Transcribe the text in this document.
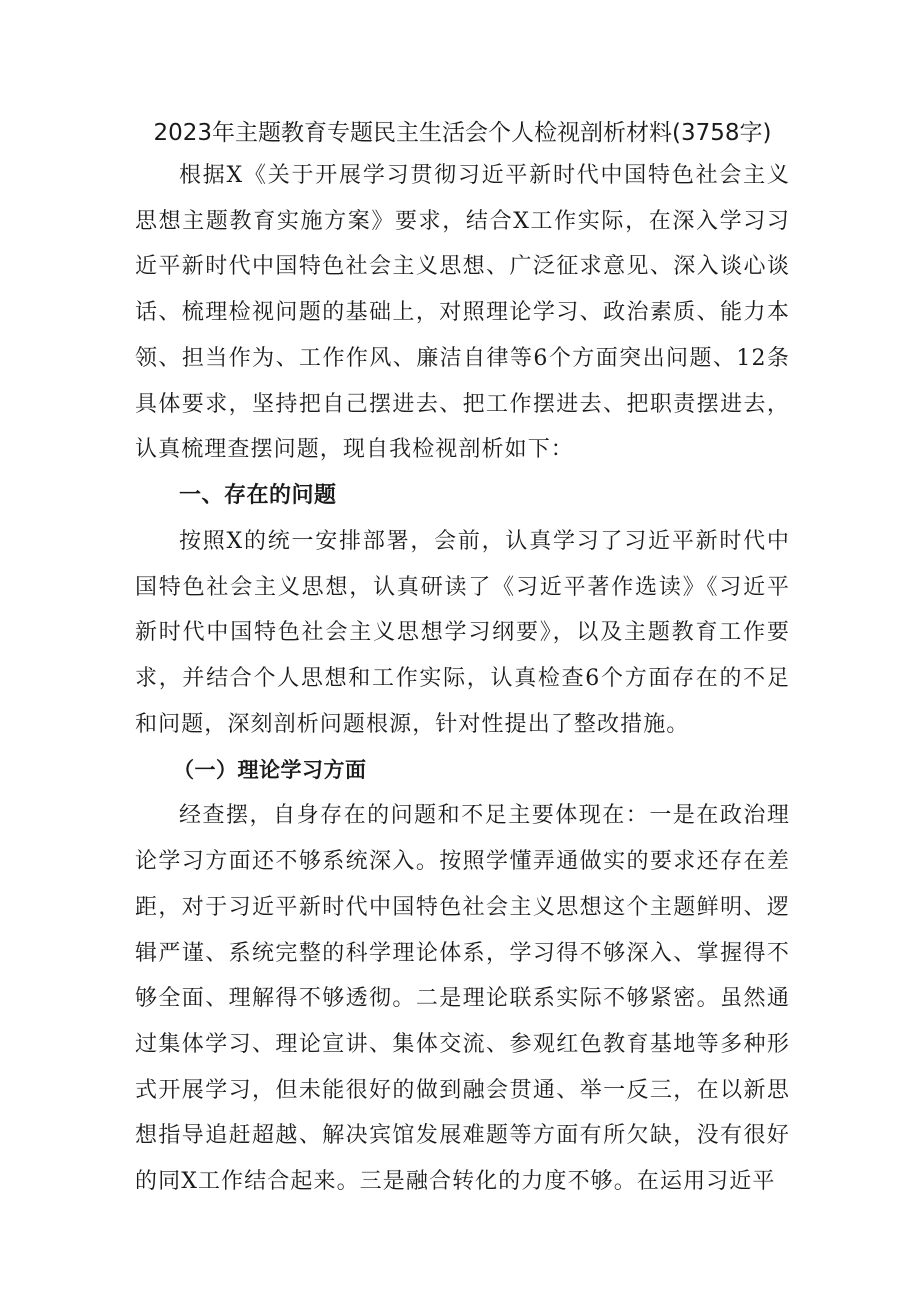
2023年主题教育专题民主生活会个人检视剖析材料(3758字)

根据X《关于开展学习贯彻习近平新时代中国特色社会主义思想主题教育实施方案》要求，结合X工作实际，在深入学习习近平新时代中国特色社会主义思想、广泛征求意见、深入谈心谈话、梳理检视问题的基础上，对照理论学习、政治素质、能力本领、担当作为、工作作风、廉洁自律等6个方面突出问题、12条具体要求，坚持把自己摆进去、把工作摆进去、把职责摆进去，认真梳理查摆问题，现自我检视剖析如下：

一、存在的问题

按照X的统一安排部署，会前，认真学习了习近平新时代中国特色社会主义思想，认真研读了《习近平著作选读》《习近平新时代中国特色社会主义思想学习纲要》，以及主题教育工作要求，并结合个人思想和工作实际，认真检查6个方面存在的不足和问题，深刻剖析问题根源，针对性提出了整改措施。

（一）理论学习方面

经查摆，自身存在的问题和不足主要体现在：一是在政治理论学习方面还不够系统深入。按照学懂弄通做实的要求还存在差距，对于习近平新时代中国特色社会主义思想这个主题鲜明、逻辑严谨、系统完整的科学理论体系，学习得不够深入、掌握得不够全面、理解得不够透彻。二是理论联系实际不够紧密。虽然通过集体学习、理论宣讲、集体交流、参观红色教育基地等多种形式开展学习，但未能很好的做到融会贯通、举一反三，在以新思想指导追赶超越、解决宾馆发展难题等方面有所欠缺，没有很好的同X工作结合起来。三是融合转化的力度不够。在运用习近平
